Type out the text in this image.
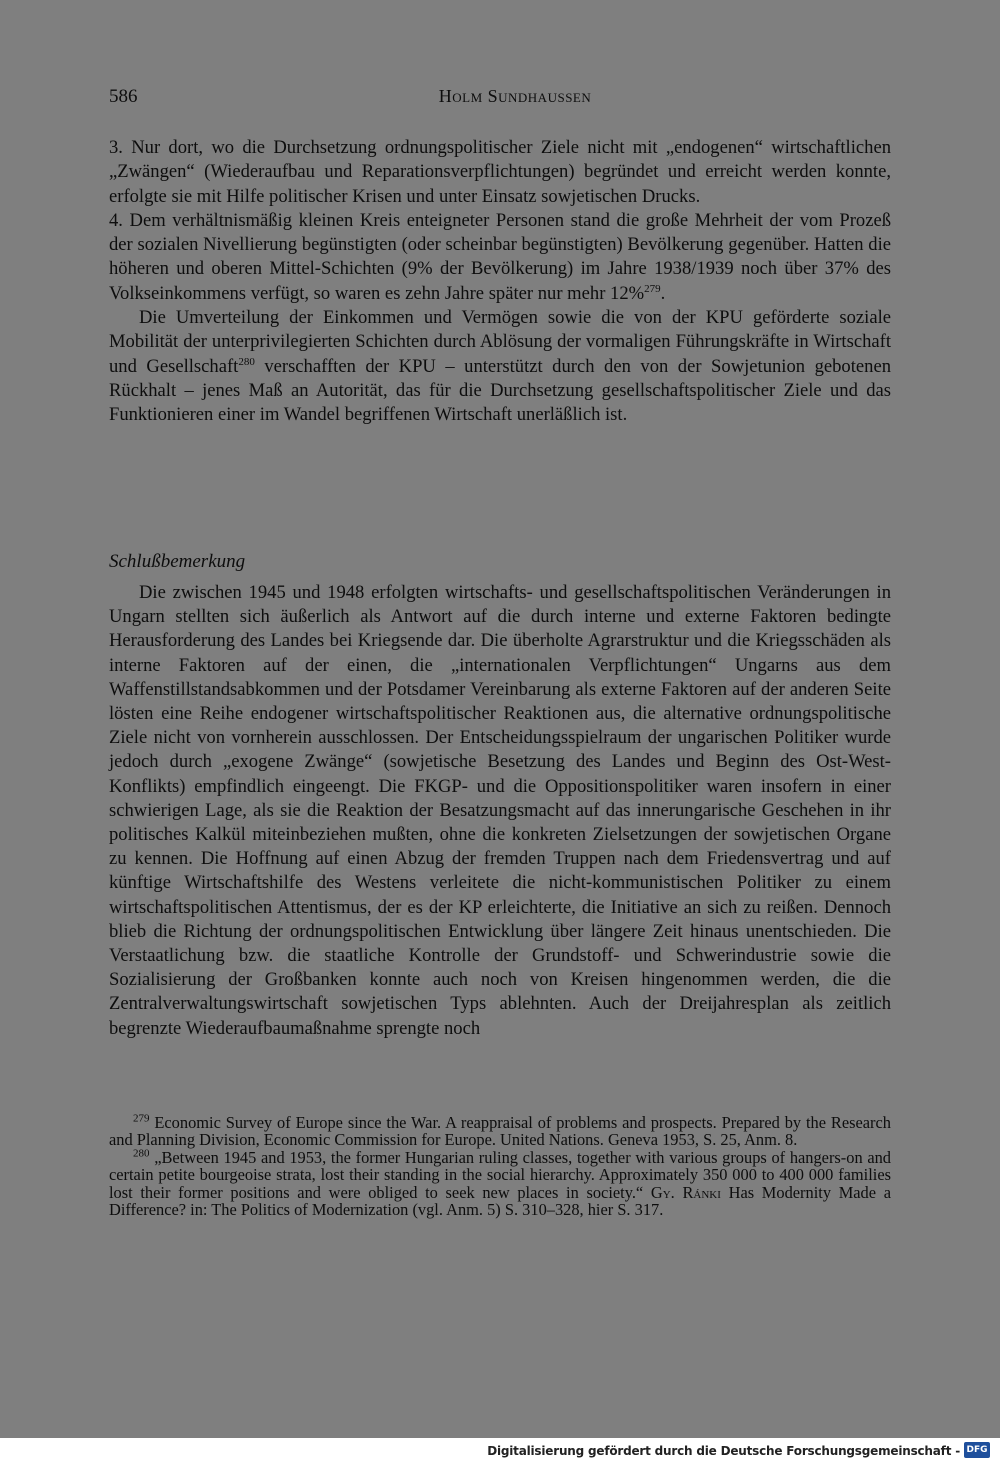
586	Holm Sundhaussen

3. Nur dort, wo die Durchsetzung ordnungspolitischer Ziele nicht mit „endogenen“ wirtschaftlichen „Zwängen“ (Wiederaufbau und Reparationsverpflichtungen) begründet und erreicht werden konnte, erfolgte sie mit Hilfe politischer Krisen und unter Einsatz sowjetischen Drucks.

4. Dem verhältnismäßig kleinen Kreis enteigneter Personen stand die große Mehrheit der vom Prozeß der sozialen Nivellierung begünstigten (oder scheinbar begünstigten) Bevölkerung gegenüber. Hatten die höheren und oberen Mittel-Schichten (9% der Bevölkerung) im Jahre 1938/1939 noch über 37% des Volkseinkommens verfügt, so waren es zehn Jahre später nur mehr 12%$^{279}$.

Die Umverteilung der Einkommen und Vermögen sowie die von der KPU geförderte soziale Mobilität der unterprivilegierten Schichten durch Ablösung der vormaligen Führungskräfte in Wirtschaft und Gesellschaft$^{280}$ verschafften der KPU – unterstützt durch den von der Sowjetunion gebotenen Rückhalt – jenes Maß an Autorität, das für die Durchsetzung gesellschaftspolitischer Ziele und das Funktionieren einer im Wandel begriffenen Wirtschaft unerläßlich ist.

Schlußbemerkung

Die zwischen 1945 und 1948 erfolgten wirtschafts- und gesellschaftspolitischen Veränderungen in Ungarn stellten sich äußerlich als Antwort auf die durch interne und externe Faktoren bedingte Herausforderung des Landes bei Kriegsende dar. Die überholte Agrarstruktur und die Kriegsschäden als interne Faktoren auf der einen, die „internationalen Verpflichtungen“ Ungarns aus dem Waffenstillstandsabkommen und der Potsdamer Vereinbarung als externe Faktoren auf der anderen Seite lösten eine Reihe endogener wirtschaftspolitischer Reaktionen aus, die alternative ordnungspolitische Ziele nicht von vornherein ausschlossen. Der Entscheidungsspielraum der ungarischen Politiker wurde jedoch durch „exogene Zwänge“ (sowjetische Besetzung des Landes und Beginn des Ost-West-Konflikts) empfindlich eingeengt. Die FKGP- und die Oppositionspolitiker waren insofern in einer schwierigen Lage, als sie die Reaktion der Besatzungsmacht auf das innerungarische Geschehen in ihr politisches Kalkül miteinbeziehen mußten, ohne die konkreten Zielsetzungen der sowjetischen Organe zu kennen. Die Hoffnung auf einen Abzug der fremden Truppen nach dem Friedensvertrag und auf künftige Wirtschaftshilfe des Westens verleitete die nicht-kommunistischen Politiker zu einem wirtschaftspolitischen Attentismus, der es der KP erleichterte, die Initiative an sich zu reißen. Dennoch blieb die Richtung der ordnungspolitischen Entwicklung über längere Zeit hinaus unentschieden. Die Verstaatlichung bzw. die staatliche Kontrolle der Grundstoff- und Schwerindustrie sowie die Sozialisierung der Großbanken konnte auch noch von Kreisen hingenommen werden, die die Zentralverwaltungswirtschaft sowjetischen Typs ablehnten. Auch der Dreijahresplan als zeitlich begrenzte Wiederaufbaumaßnahme sprengte noch

$^{279}$ Economic Survey of Europe since the War. A reappraisal of problems and prospects. Prepared by the Research and Planning Division, Economic Commission for Europe. United Nations. Geneva 1953, S. 25, Anm. 8.

$^{280}$ „Between 1945 and 1953, the former Hungarian ruling classes, together with various groups of hangers-on and certain petite bourgeoise strata, lost their standing in the social hierarchy. Approximately 350 000 to 400 000 families lost their former positions and were obliged to seek new places in society.“ Gy. Ránki Has Modernity Made a Difference? in: The Politics of Modernization (vgl. Anm. 5) S. 310–328, hier S. 317.

Digitalisierung gefördert durch die Deutsche Forschungsgemeinschaft - DFG
